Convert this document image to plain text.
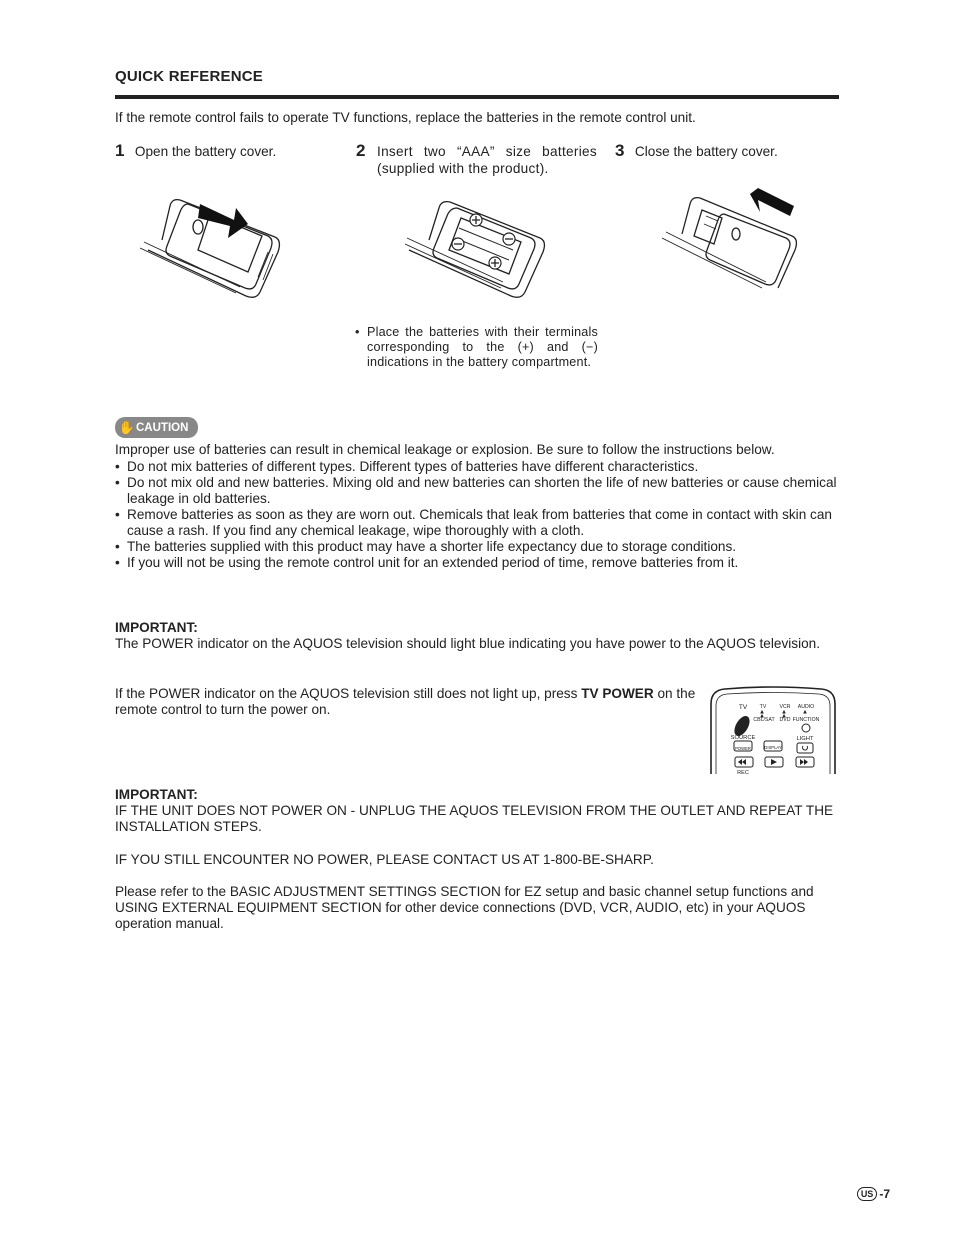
QUICK REFERENCE
If the remote control fails to operate TV functions, replace the batteries in the remote control unit.
1 Open the battery cover.	2 Insert two “AAA” size batteries (supplied with the product).
3 Close the battery cover.
• Place the batteries with their terminals corresponding to the (+) and (−) indications in the battery compartment.
✋ CAUTION
Improper use of batteries can result in chemical leakage or explosion. Be sure to follow the instructions below.
• Do not mix batteries of different types. Different types of batteries have different characteristics.
• Do not mix old and new batteries. Mixing old and new batteries can shorten the life of new batteries or cause chemical leakage in old batteries.
• Remove batteries as soon as they are worn out. Chemicals that leak from batteries that come in contact with skin can cause a rash. If you find any chemical leakage, wipe thoroughly with a cloth.
• The batteries supplied with this product may have a shorter life expectancy due to storage conditions.
• If you will not be using the remote control unit for an extended period of time, remove batteries from it.
IMPORTANT:
The POWER indicator on the AQUOS television should light blue indicating you have power to the AQUOS television.
If the POWER indicator on the AQUOS television still does not light up, press TV POWER on the remote control to turn the power on.	TV TV	VCR AUDIO
CBL/SAT DVD FUNCTION
SOURCE	LIGHT
POWER	DISPLAY
REC
IMPORTANT:
IF THE UNIT DOES NOT POWER ON - UNPLUG THE AQUOS TELEVISION FROM THE OUTLET AND REPEAT THE INSTALLATION STEPS.
IF YOU STILL ENCOUNTER NO POWER, PLEASE CONTACT US AT 1-800-BE-SHARP.
Please refer to the BASIC ADJUSTMENT SETTINGS SECTION for EZ setup and basic channel setup functions and USING EXTERNAL EQUIPMENT SECTION for other device connections (DVD, VCR, AUDIO, etc) in your AQUOS operation manual.
US -7
